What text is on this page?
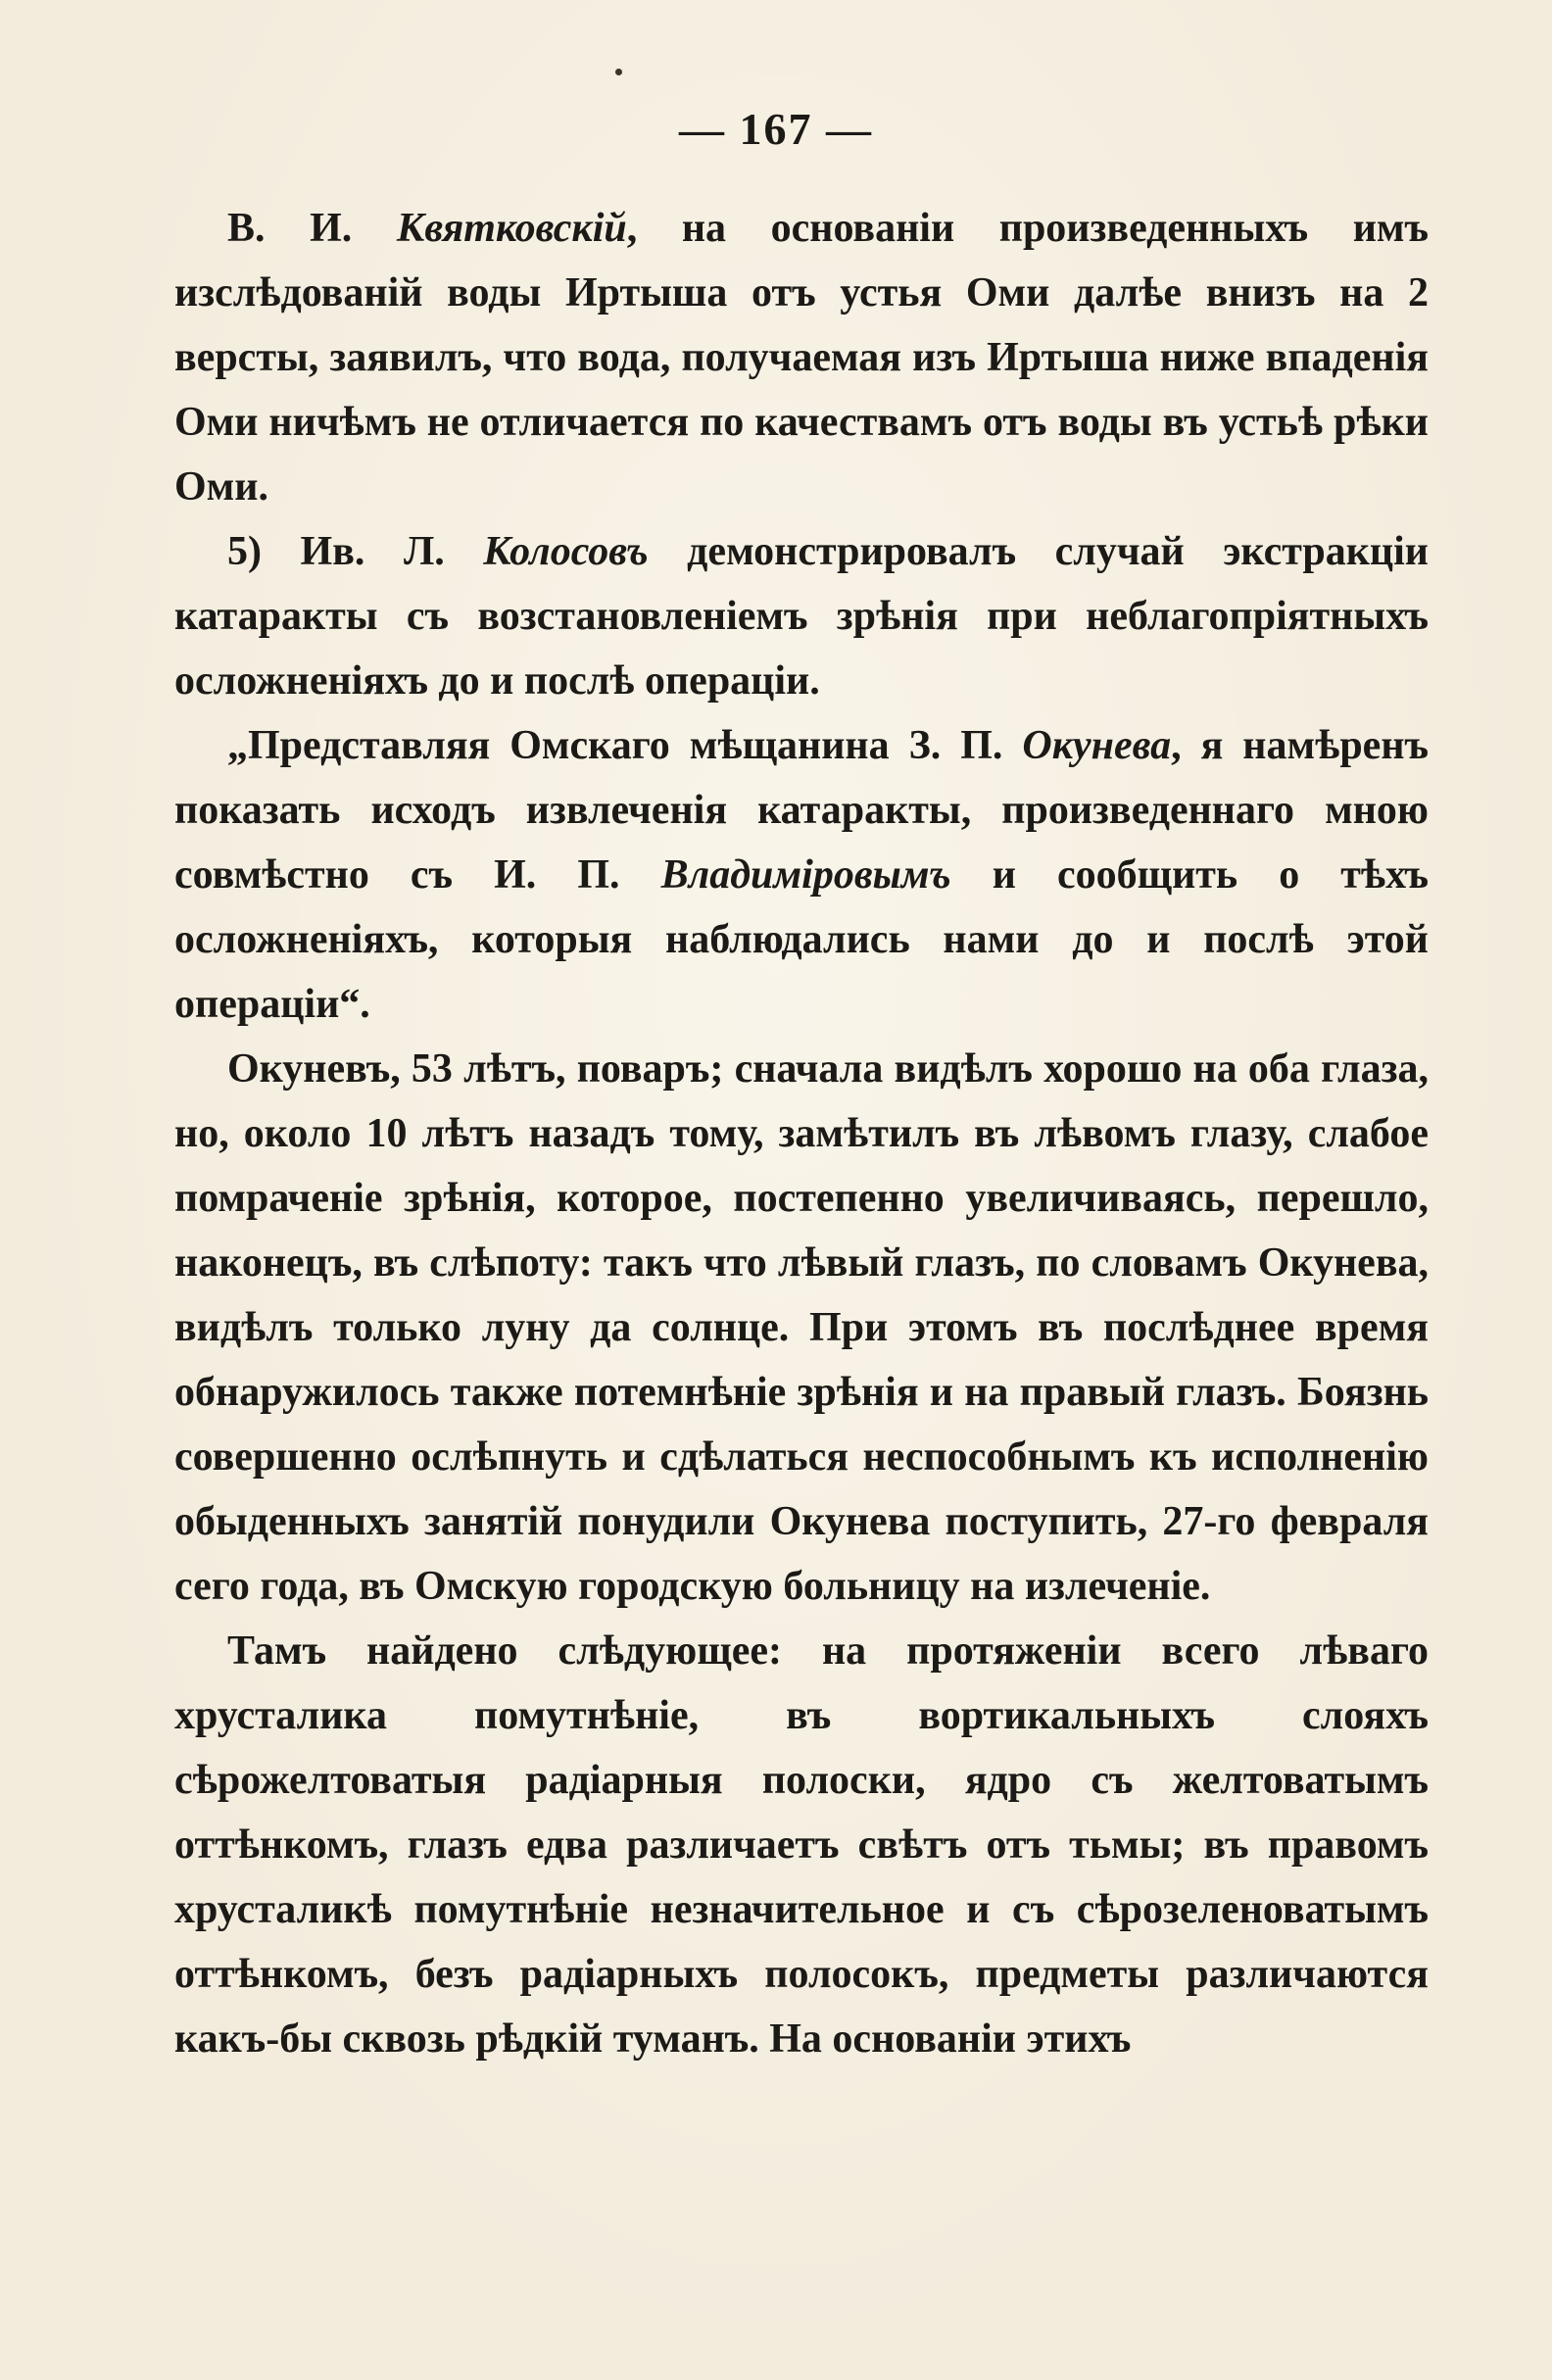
— 167 —

В. И. Квятковскій, на основаніи произведенныхъ имъ изслѣдованій воды Иртыша отъ устья Оми далѣе внизъ на 2 версты, заявилъ, что вода, получаемая изъ Иртыша ниже впаденія Оми ничѣмъ не отличается по качествамъ отъ воды въ устьѣ рѣки Оми.

5) Ив. Л. Колосовъ демонстрировалъ случай экстракціи катаракты съ возстановленіемъ зрѣнія при неблагопріятныхъ осложненіяхъ до и послѣ операціи.

„Представляя Омскаго мѣщанина З. П. Окунева, я намѣренъ показать исходъ извлеченія катаракты, произведеннаго мною совмѣстно съ И. П. Владиміровымъ и сообщить о тѣхъ осложненіяхъ, которыя наблюдались нами до и послѣ этой операціи“.

Окуневъ, 53 лѣтъ, поваръ; сначала видѣлъ хорошо на оба глаза, но, около 10 лѣтъ назадъ тому, замѣтилъ въ лѣвомъ глазу, слабое помраченіе зрѣнія, которое, постепенно увеличиваясь, перешло, наконецъ, въ слѣпоту: такъ что лѣвый глазъ, по словамъ Окунева, видѣлъ только луну да солнце. При этомъ въ послѣднее время обнаружилось также потемнѣніе зрѣнія и на правый глазъ. Боязнь совершенно ослѣпнуть и сдѣлаться неспособнымъ къ исполненію обыденныхъ занятій понудили Окунева поступить, 27-го февраля сего года, въ Омскую городскую больницу на излеченіе.

Тамъ найдено слѣдующее: на протяженіи всего лѣваго хрусталика помутнѣніе, въ вортикальныхъ слояхъ сѣрожелтоватыя радіарныя полоски, ядро съ желтоватымъ оттѣнкомъ, глазъ едва различаетъ свѣтъ отъ тьмы; въ правомъ хрусталикѣ помутнѣніе незначительное и съ сѣрозеленоватымъ оттѣнкомъ, безъ радіарныхъ полосокъ, предметы различаются какъ-бы сквозь рѣдкій туманъ. На основаніи этихъ
